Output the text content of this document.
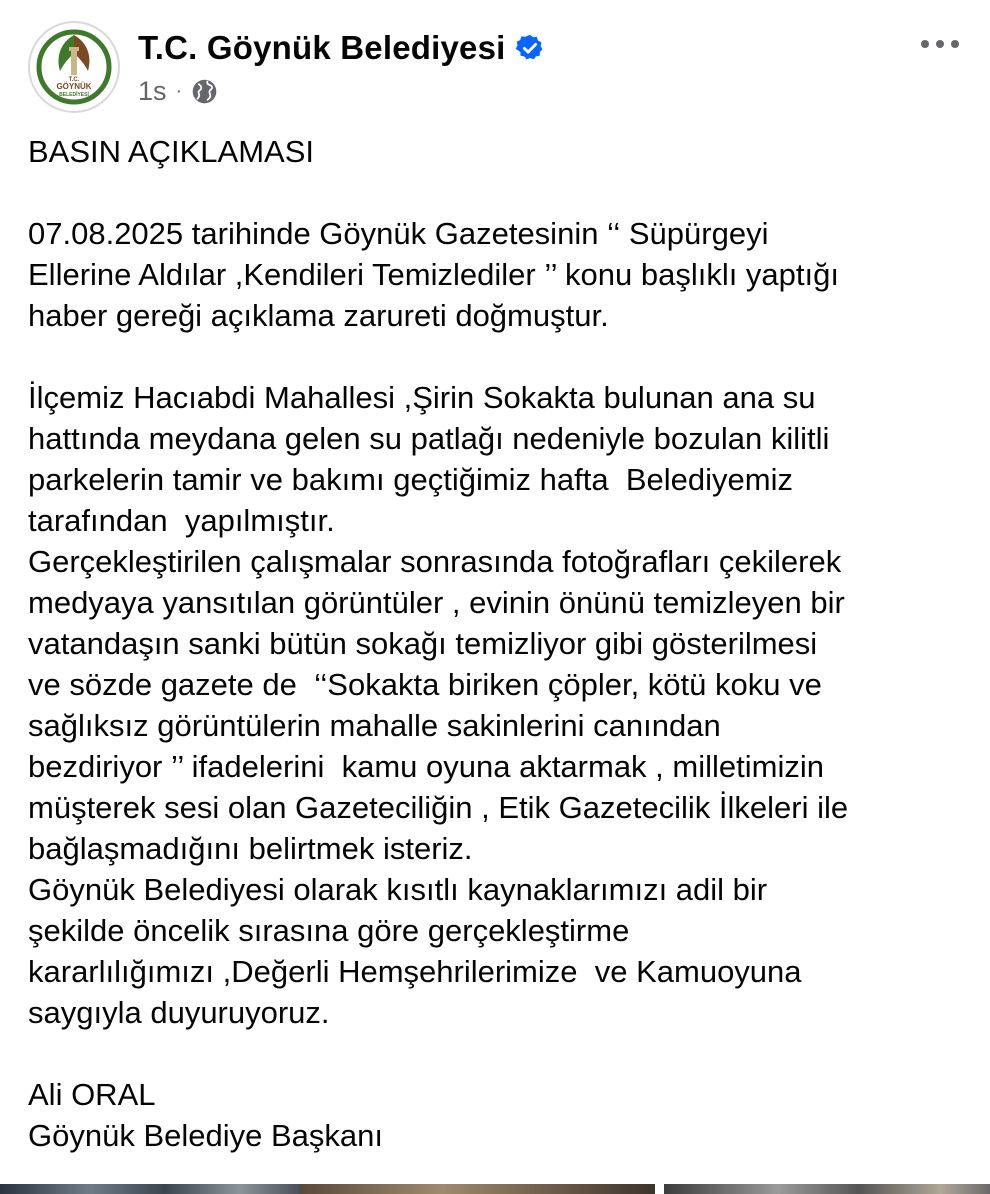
T.C.
GÖYNÜK
BELEDİYESİ
T.C. Göynük Belediyesi
1s ·
BASIN AÇIKLAMASI
07.08.2025 tarihinde Göynük Gazetesinin ‘‘ Süpürgeyi
Ellerine Aldılar ,Kendileri Temizlediler ’’ konu başlıklı yaptığı
haber gereği açıklama zarureti doğmuştur.
İlçemiz Hacıabdi Mahallesi ,Şirin Sokakta bulunan ana su
hattında meydana gelen su patlağı nedeniyle bozulan kilitli
parkelerin tamir ve bakımı geçtiğimiz hafta  Belediyemiz
tarafından  yapılmıştır.
Gerçekleştirilen çalışmalar sonrasında fotoğrafları çekilerek
medyaya yansıtılan görüntüler , evinin önünü temizleyen bir
vatandaşın sanki bütün sokağı temizliyor gibi gösterilmesi
ve sözde gazete de  ‘‘Sokakta biriken çöpler, kötü koku ve
sağlıksız görüntülerin mahalle sakinlerini canından
bezdiriyor ’’ ifadelerini  kamu oyuna aktarmak , milletimizin
müşterek sesi olan Gazeteciliğin , Etik Gazetecilik İlkeleri ile
bağlaşmadığını belirtmek isteriz.
Göynük Belediyesi olarak kısıtlı kaynaklarımızı adil bir
şekilde öncelik sırasına göre gerçekleştirme
kararlılığımızı ,Değerli Hemşehrilerimize  ve Kamuoyuna
saygıyla duyuruyoruz.
Ali ORAL
Göynük Belediye Başkanı
